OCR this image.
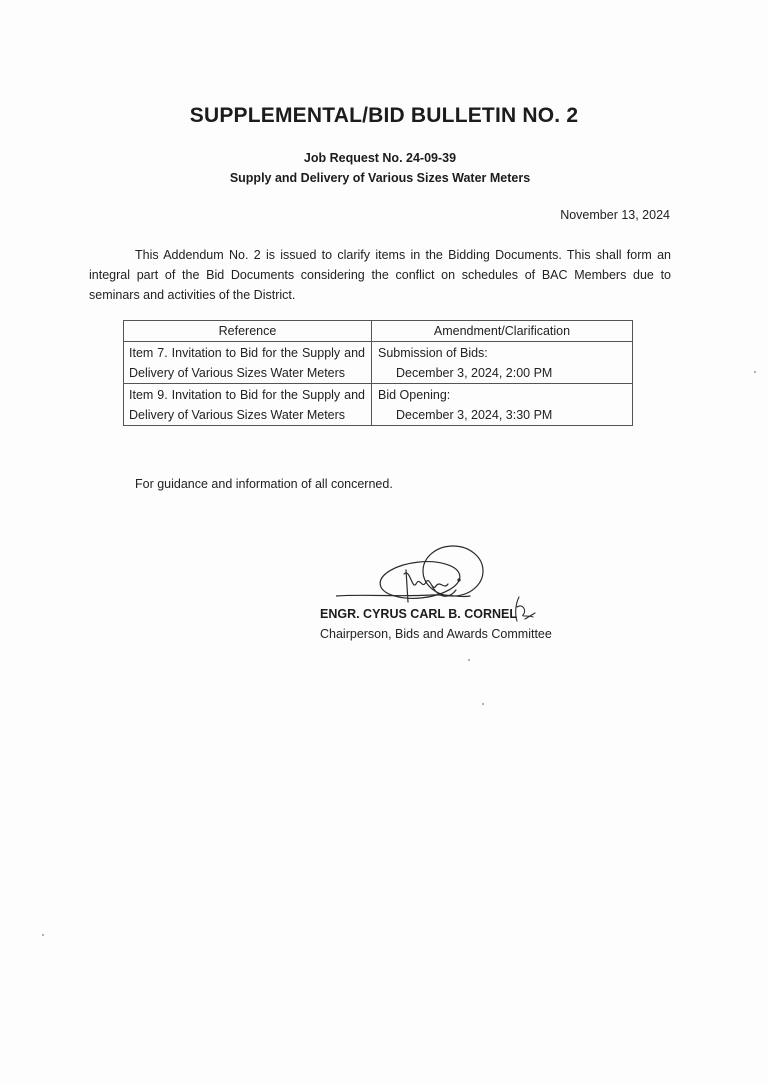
SUPPLEMENTAL/BID BULLETIN NO. 2
Job Request No. 24-09-39
Supply and Delivery of Various Sizes Water Meters
November 13, 2024

This Addendum No. 2 is issued to clarify items in the Bidding Documents. This shall form an integral part of the Bid Documents considering the conflict on schedules of BAC Members due to seminars and activities of the District.

Reference	Amendment/Clarification
Item 7. Invitation to Bid for the Supply and Delivery of Various Sizes Water Meters	Submission of Bids:
December 3, 2024, 2:00 PM

Item 9. Invitation to Bid for the Supply and Delivery of Various Sizes Water Meters	Bid Opening:
December 3, 2024, 3:30 PM
For guidance and information of all concerned.
ENGR. CYRUS CARL B. CORNEL
Chairperson, Bids and Awards Committee
